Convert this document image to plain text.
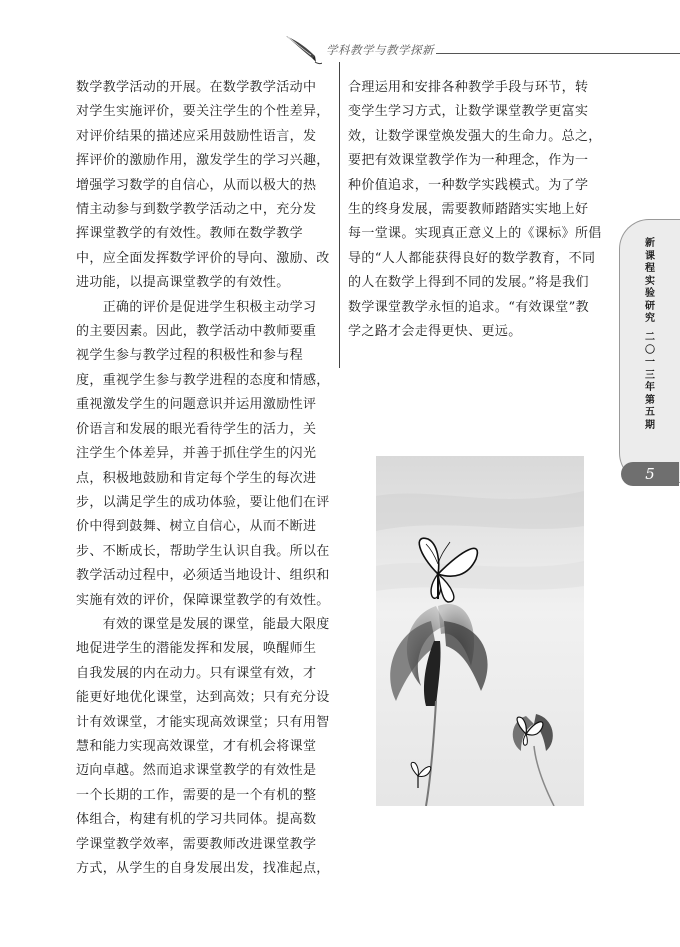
学科教学与教学探新
数学教学活动的开展。在数学教学活动中
对学生实施评价，要关注学生的个性差异，
对评价结果的描述应采用鼓励性语言，发
挥评价的激励作用，激发学生的学习兴趣，
增强学习数学的自信心，从而以极大的热
情主动参与到数学教学活动之中，充分发
挥课堂教学的有效性。教师在数学教学
中，应全面发挥数学评价的导向、激励、改
进功能，以提高课堂教学的有效性。
　　正确的评价是促进学生积极主动学习
的主要因素。因此，教学活动中教师要重
视学生参与教学过程的积极性和参与程
度，重视学生参与教学进程的态度和情感，
重视激发学生的问题意识并运用激励性评
价语言和发展的眼光看待学生的活力，关
注学生个体差异，并善于抓住学生的闪光
点，积极地鼓励和肯定每个学生的每次进
步，以满足学生的成功体验，要让他们在评
价中得到鼓舞、树立自信心，从而不断进
步、不断成长，帮助学生认识自我。所以在
教学活动过程中，必须适当地设计、组织和
实施有效的评价，保障课堂教学的有效性。
　　有效的课堂是发展的课堂，能最大限度
地促进学生的潜能发挥和发展，唤醒师生
自我发展的内在动力。只有课堂有效，才
能更好地优化课堂，达到高效；只有充分设
计有效课堂，才能实现高效课堂；只有用智
慧和能力实现高效课堂，才有机会将课堂
迈向卓越。然而追求课堂教学的有效性是
一个长期的工作，需要的是一个有机的整
体组合，构建有机的学习共同体。提高数
学课堂教学效率，需要教师改进课堂教学
方式，从学生的自身发展出发，找准起点，
合理运用和安排各种教学手段与环节，转
变学生学习方式，让数学课堂教学更富实
效，让数学课堂焕发强大的生命力。总之，
要把有效课堂教学作为一种理念，作为一
种价值追求，一种数学实践模式。为了学
生的终身发展，需要教师踏踏实实地上好
每一堂课。实现真正意义上的《课标》所倡
导的“人人都能获得良好的数学教育，不同
的人在数学上得到不同的发展。”将是我们
数学课堂教学永恒的追求。“有效课堂”教
学之路才会走得更快、更远。
新课程实验研究
二〇一三年 第五期
5
